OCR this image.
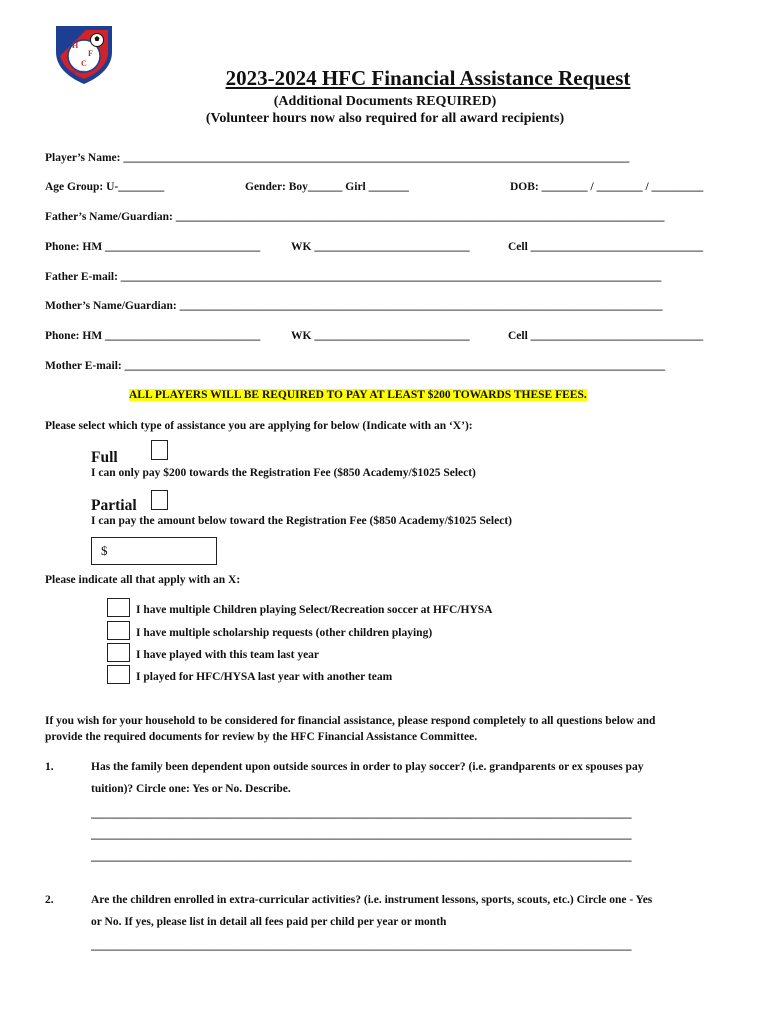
H
F
C
Est. 1988	2023-2024 HFC Financial Assistance Request
(Additional Documents REQUIRED)
(Volunteer hours now also required for all award recipients)
Player’s Name: ________________________________________________________________________________________
Age Group: U-________	Gender: Boy______ Girl _______	DOB: ________ / ________ / _________
Father’s Name/Guardian: _____________________________________________________________________________________
Phone: HM ___________________________	WK ___________________________	Cell ______________________________
Father E-mail: ______________________________________________________________________________________________
Mother’s Name/Guardian: ____________________________________________________________________________________
Phone: HM ___________________________	WK ___________________________	Cell ______________________________
Mother E-mail: ______________________________________________________________________________________________
ALL PLAYERS WILL BE REQUIRED TO PAY AT LEAST $200 TOWARDS THESE FEES.
Please select which type of assistance you are applying for below (Indicate with an ‘X’):
Full
I can only pay $200 towards the Registration Fee ($850 Academy/$1025 Select)
Partial
I can pay the amount below toward the Registration Fee ($850 Academy/$1025 Select)
$
Please indicate all that apply with an X:
I have multiple Children playing Select/Recreation soccer at HFC/HYSA
I have multiple scholarship requests (other children playing)
I have played with this team last year
I played for HFC/HYSA last year with another team
If you wish for your household to be considered for financial assistance, please respond completely to all questions below and
provide the required documents for review by the HFC Financial Assistance Committee.
1.	Has the family been dependent upon outside sources in order to play soccer? (i.e. grandparents or ex spouses pay
tuition)? Circle one: Yes or No. Describe.
______________________________________________________________________________________________
______________________________________________________________________________________________
______________________________________________________________________________________________
2.	Are the children enrolled in extra-curricular activities? (i.e. instrument lessons, sports, scouts, etc.) Circle one - Yes
or No. If yes, please list in detail all fees paid per child per year or month
______________________________________________________________________________________________
